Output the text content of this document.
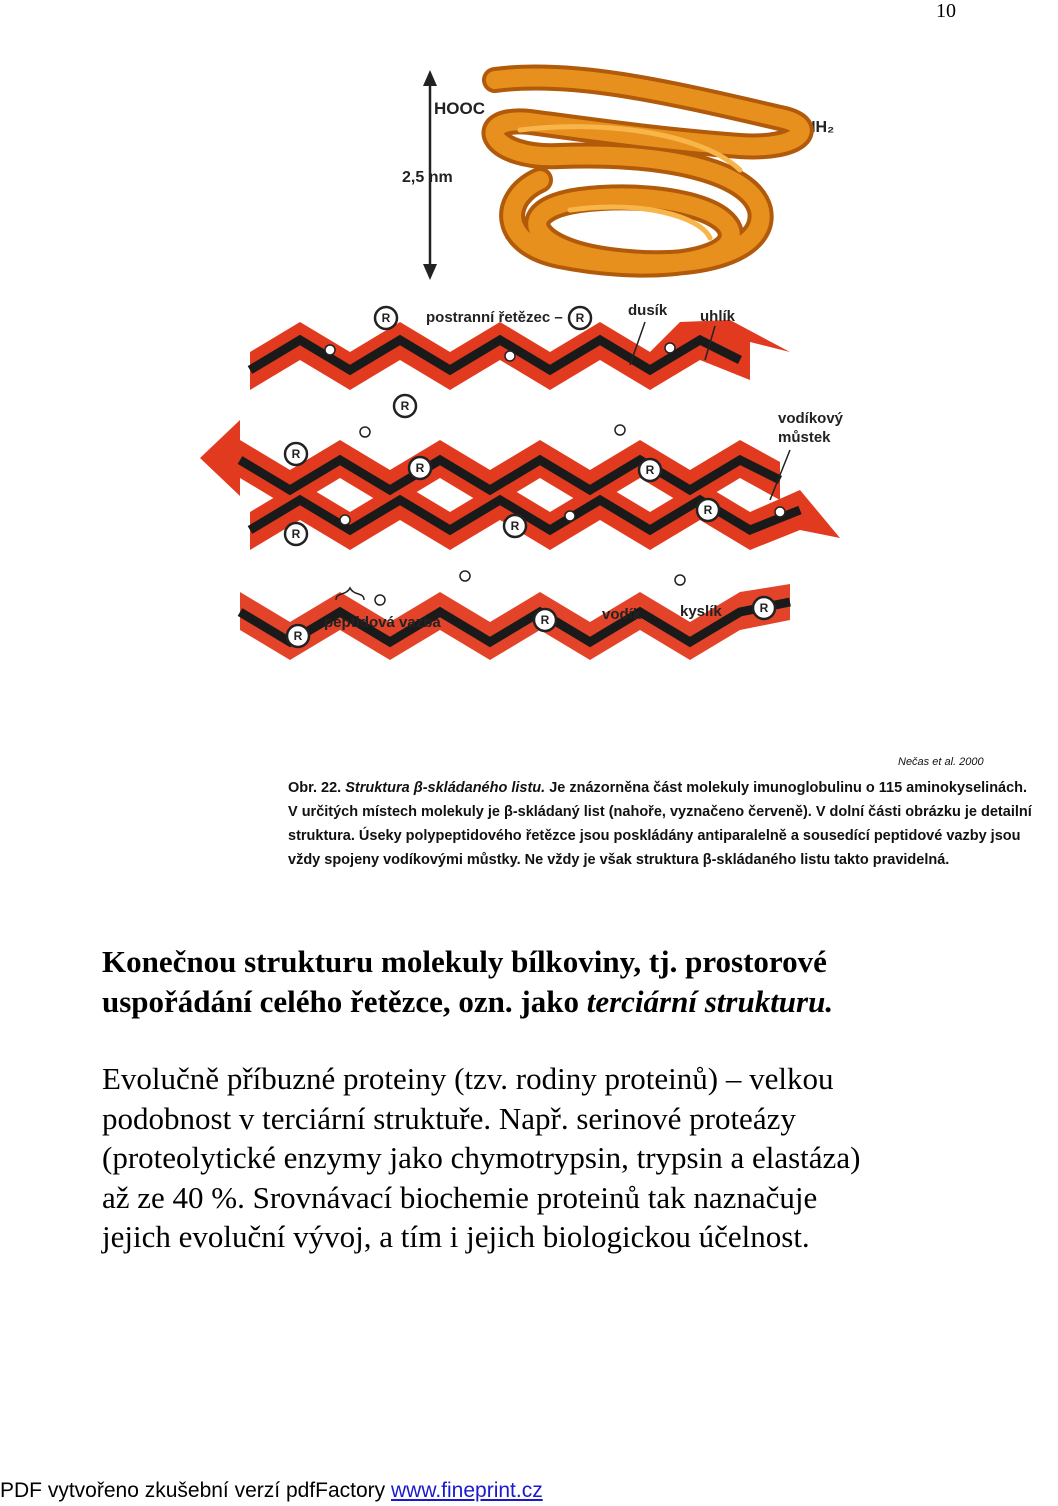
10
HOOC
2,5 nm
NH₂
R	R
R
R
R	R
R
R
R
R
R
R
postranní řetězec –	dusík uhlík
vodíkový
můstek
peptidová vazba	vodík	kyslík
Nečas et al. 2000
Obr. 22. Struktura β-skládaného listu. Je znázorněna část molekuly imunoglobulinu o 115 aminokyselinách.
V určitých místech molekuly je β-skládaný list (nahoře, vyznačeno červeně). V dolní části obrázku je detailní
struktura. Úseky polypeptidového řetězce jsou poskládány antiparalelně a sousedící peptidové vazby jsou
vždy spojeny vodíkovými můstky. Ne vždy je však struktura β-skládaného listu takto pravidelná.
Konečnou strukturu molekuly bílkoviny, tj. prostorové
uspořádání celého řetězce, ozn. jako terciární strukturu.
Evolučně příbuzné proteiny (tzv. rodiny proteinů) – velkou
podobnost v terciární struktuře. Např. serinové proteázy
(proteolytické enzymy jako chymotrypsin, trypsin a elastáza)
až ze 40 %. Srovnávací biochemie proteinů tak naznačuje
jejich evoluční vývoj, a tím i jejich biologickou účelnost.
PDF vytvořeno zkušební verzí pdfFactory www.fineprint.cz
